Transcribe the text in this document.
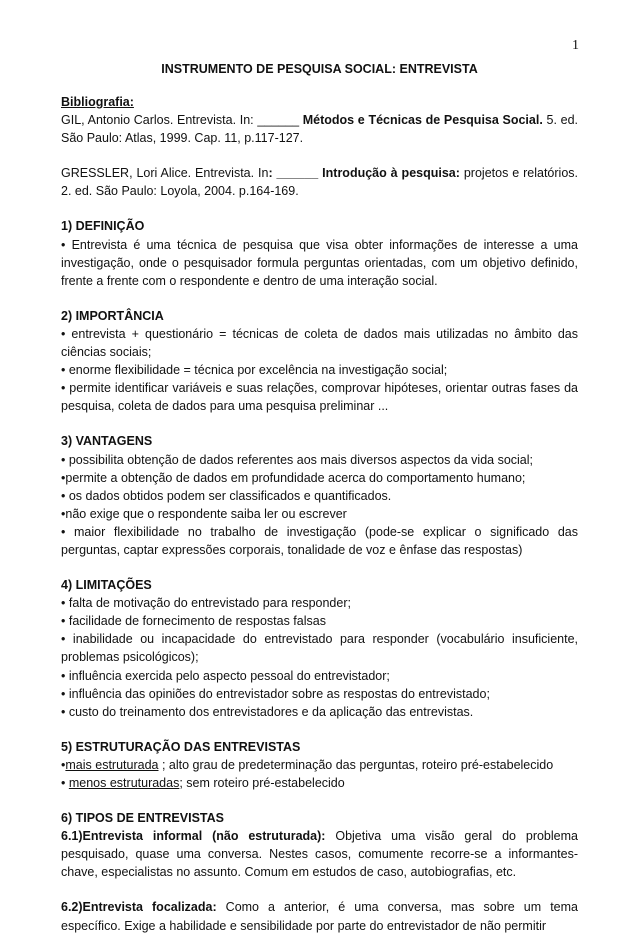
1
INSTRUMENTO DE PESQUISA SOCIAL: ENTREVISTA

Bibliografia:

GIL, Antonio Carlos. Entrevista. In: ______ Métodos e Técnicas de Pesquisa Social. 5. ed. São Paulo: Atlas, 1999. Cap. 11, p.117-127.

GRESSLER, Lori Alice. Entrevista. In: ______ Introdução à pesquisa: projetos e relatórios. 2. ed. São Paulo: Loyola, 2004. p.164-169.

1) DEFINIÇÃO

• Entrevista é uma técnica de pesquisa que visa obter informações de interesse a uma investigação, onde o pesquisador formula perguntas orientadas, com um objetivo definido, frente a frente com o respondente e dentro de uma interação social.

2) IMPORTÂNCIA

• entrevista + questionário = técnicas de coleta de dados mais utilizadas no âmbito das ciências sociais;

• enorme flexibilidade = técnica por excelência na investigação social;

• permite identificar variáveis e suas relações, comprovar hipóteses, orientar outras fases da pesquisa, coleta de dados para uma pesquisa preliminar ...

3) VANTAGENS

• possibilita obtenção de dados referentes aos mais diversos aspectos da vida social;

•permite a obtenção de dados em profundidade acerca do comportamento humano;

• os dados obtidos podem ser classificados e quantificados.

•não exige que o respondente saiba ler ou escrever

• maior flexibilidade no trabalho de investigação (pode-se explicar o significado das perguntas, captar expressões corporais, tonalidade de voz e ênfase das respostas)

4) LIMITAÇÕES

• falta de motivação do entrevistado para responder;

• facilidade de fornecimento de respostas falsas

• inabilidade ou incapacidade do entrevistado para responder (vocabulário insuficiente, problemas psicológicos);

• influência exercida pelo aspecto pessoal do entrevistador;

• influência das opiniões do entrevistador sobre as respostas do entrevistado;

• custo do treinamento dos entrevistadores e da aplicação das entrevistas.

5) ESTRUTURAÇÃO DAS ENTREVISTAS

•mais estruturada ; alto grau de predeterminação das perguntas, roteiro pré-estabelecido

• menos estruturadas; sem roteiro pré-estabelecido

6) TIPOS DE ENTREVISTAS

6.1)Entrevista informal (não estruturada): Objetiva uma visão geral do problema pesquisado, quase uma conversa. Nestes casos, comumente recorre-se a informantes-chave, especialistas no assunto. Comum em estudos de caso, autobiografias, etc.

6.2)Entrevista focalizada: Como a anterior, é uma conversa, mas sobre um tema específico. Exige a habilidade e sensibilidade por parte do entrevistador de não permitir
